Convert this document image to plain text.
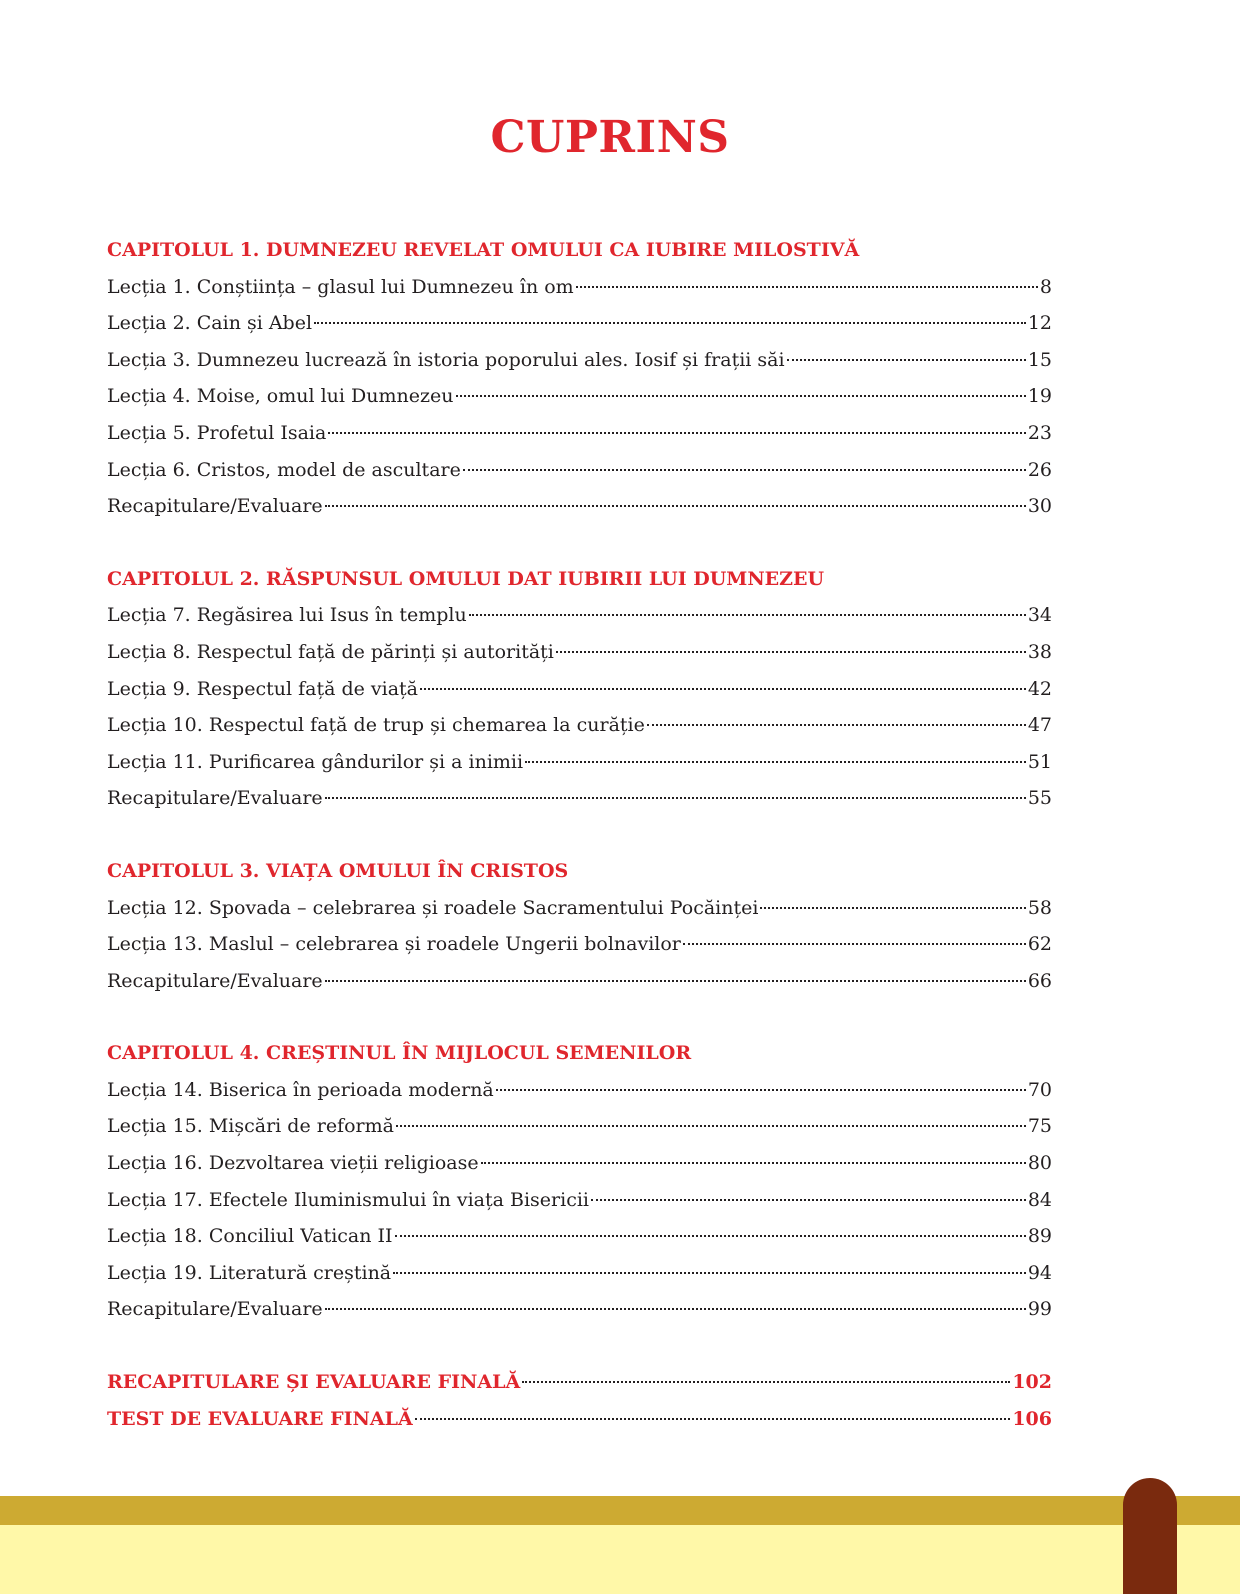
CUPRINS
CAPITOLUL 1. DUMNEZEU REVELAT OMULUI CA IUBIRE MILOSTIVĂ
Lecția 1. Conștiința – glasul lui Dumnezeu în om	8
Lecția 2. Cain și Abel	12
Lecția 3. Dumnezeu lucrează în istoria poporului ales. Iosif și frații săi	15
Lecția 4. Moise, omul lui Dumnezeu	19
Lecția 5. Profetul Isaia	23
Lecția 6. Cristos, model de ascultare	26
Recapitulare/Evaluare	30
CAPITOLUL 2. RĂSPUNSUL OMULUI DAT IUBIRII LUI DUMNEZEU
Lecția 7. Regăsirea lui Isus în templu	34
Lecția 8. Respectul față de părinți și autorități	38
Lecția 9. Respectul față de viață	42
Lecția 10. Respectul față de trup și chemarea la curăție	47
Lecția 11. Purificarea gândurilor și a inimii	51
Recapitulare/Evaluare	55
CAPITOLUL 3. VIAȚA OMULUI ÎN CRISTOS
Lecția 12. Spovada – celebrarea și roadele Sacramentului Pocăinței	58
Lecția 13. Maslul – celebrarea și roadele Ungerii bolnavilor	62
Recapitulare/Evaluare	66
CAPITOLUL 4. CREȘTINUL ÎN MIJLOCUL SEMENILOR
Lecția 14. Biserica în perioada modernă	70
Lecția 15. Mișcări de reformă	75
Lecția 16. Dezvoltarea vieții religioase	80
Lecția 17. Efectele Iluminismului în viața Bisericii	84
Lecția 18. Conciliul Vatican II	89
Lecția 19. Literatură creștină	94
Recapitulare/Evaluare	99
RECAPITULARE ȘI EVALUARE FINALĂ	102
TEST DE EVALUARE FINALĂ	106
